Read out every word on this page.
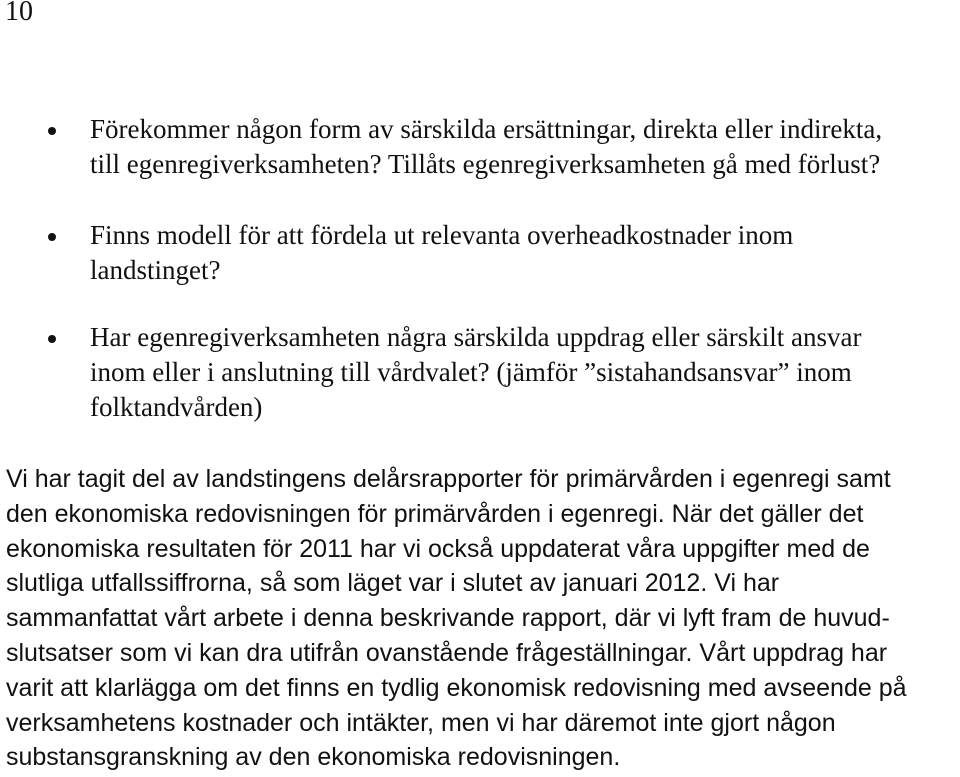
10
Förekommer någon form av särskilda ersättningar, direkta eller indirekta,
till egenregiverksamheten? Tillåts egenregiverksamheten gå med förlust?
Finns modell för att fördela ut relevanta overheadkostnader inom
landstinget?
Har egenregiverksamheten några särskilda uppdrag eller särskilt ansvar
inom eller i anslutning till vårdvalet? (jämför ”sistahandsansvar” inom
folktandvården)
Vi har tagit del av landstingens delårsrapporter för primärvården i egenregi samt
den ekonomiska redovisningen för primärvården i egenregi. När det gäller det
ekonomiska resultaten för 2011 har vi också uppdaterat våra uppgifter med de
slutliga utfallssiffrorna, så som läget var i slutet av januari 2012. Vi har
sammanfattat vårt arbete i denna beskrivande rapport, där vi lyft fram de huvud-
slutsatser som vi kan dra utifrån ovanstående frågeställningar. Vårt uppdrag har
varit att klarlägga om det finns en tydlig ekonomisk redovisning med avseende på
verksamhetens kostnader och intäkter, men vi har däremot inte gjort någon
substansgranskning av den ekonomiska redovisningen.
